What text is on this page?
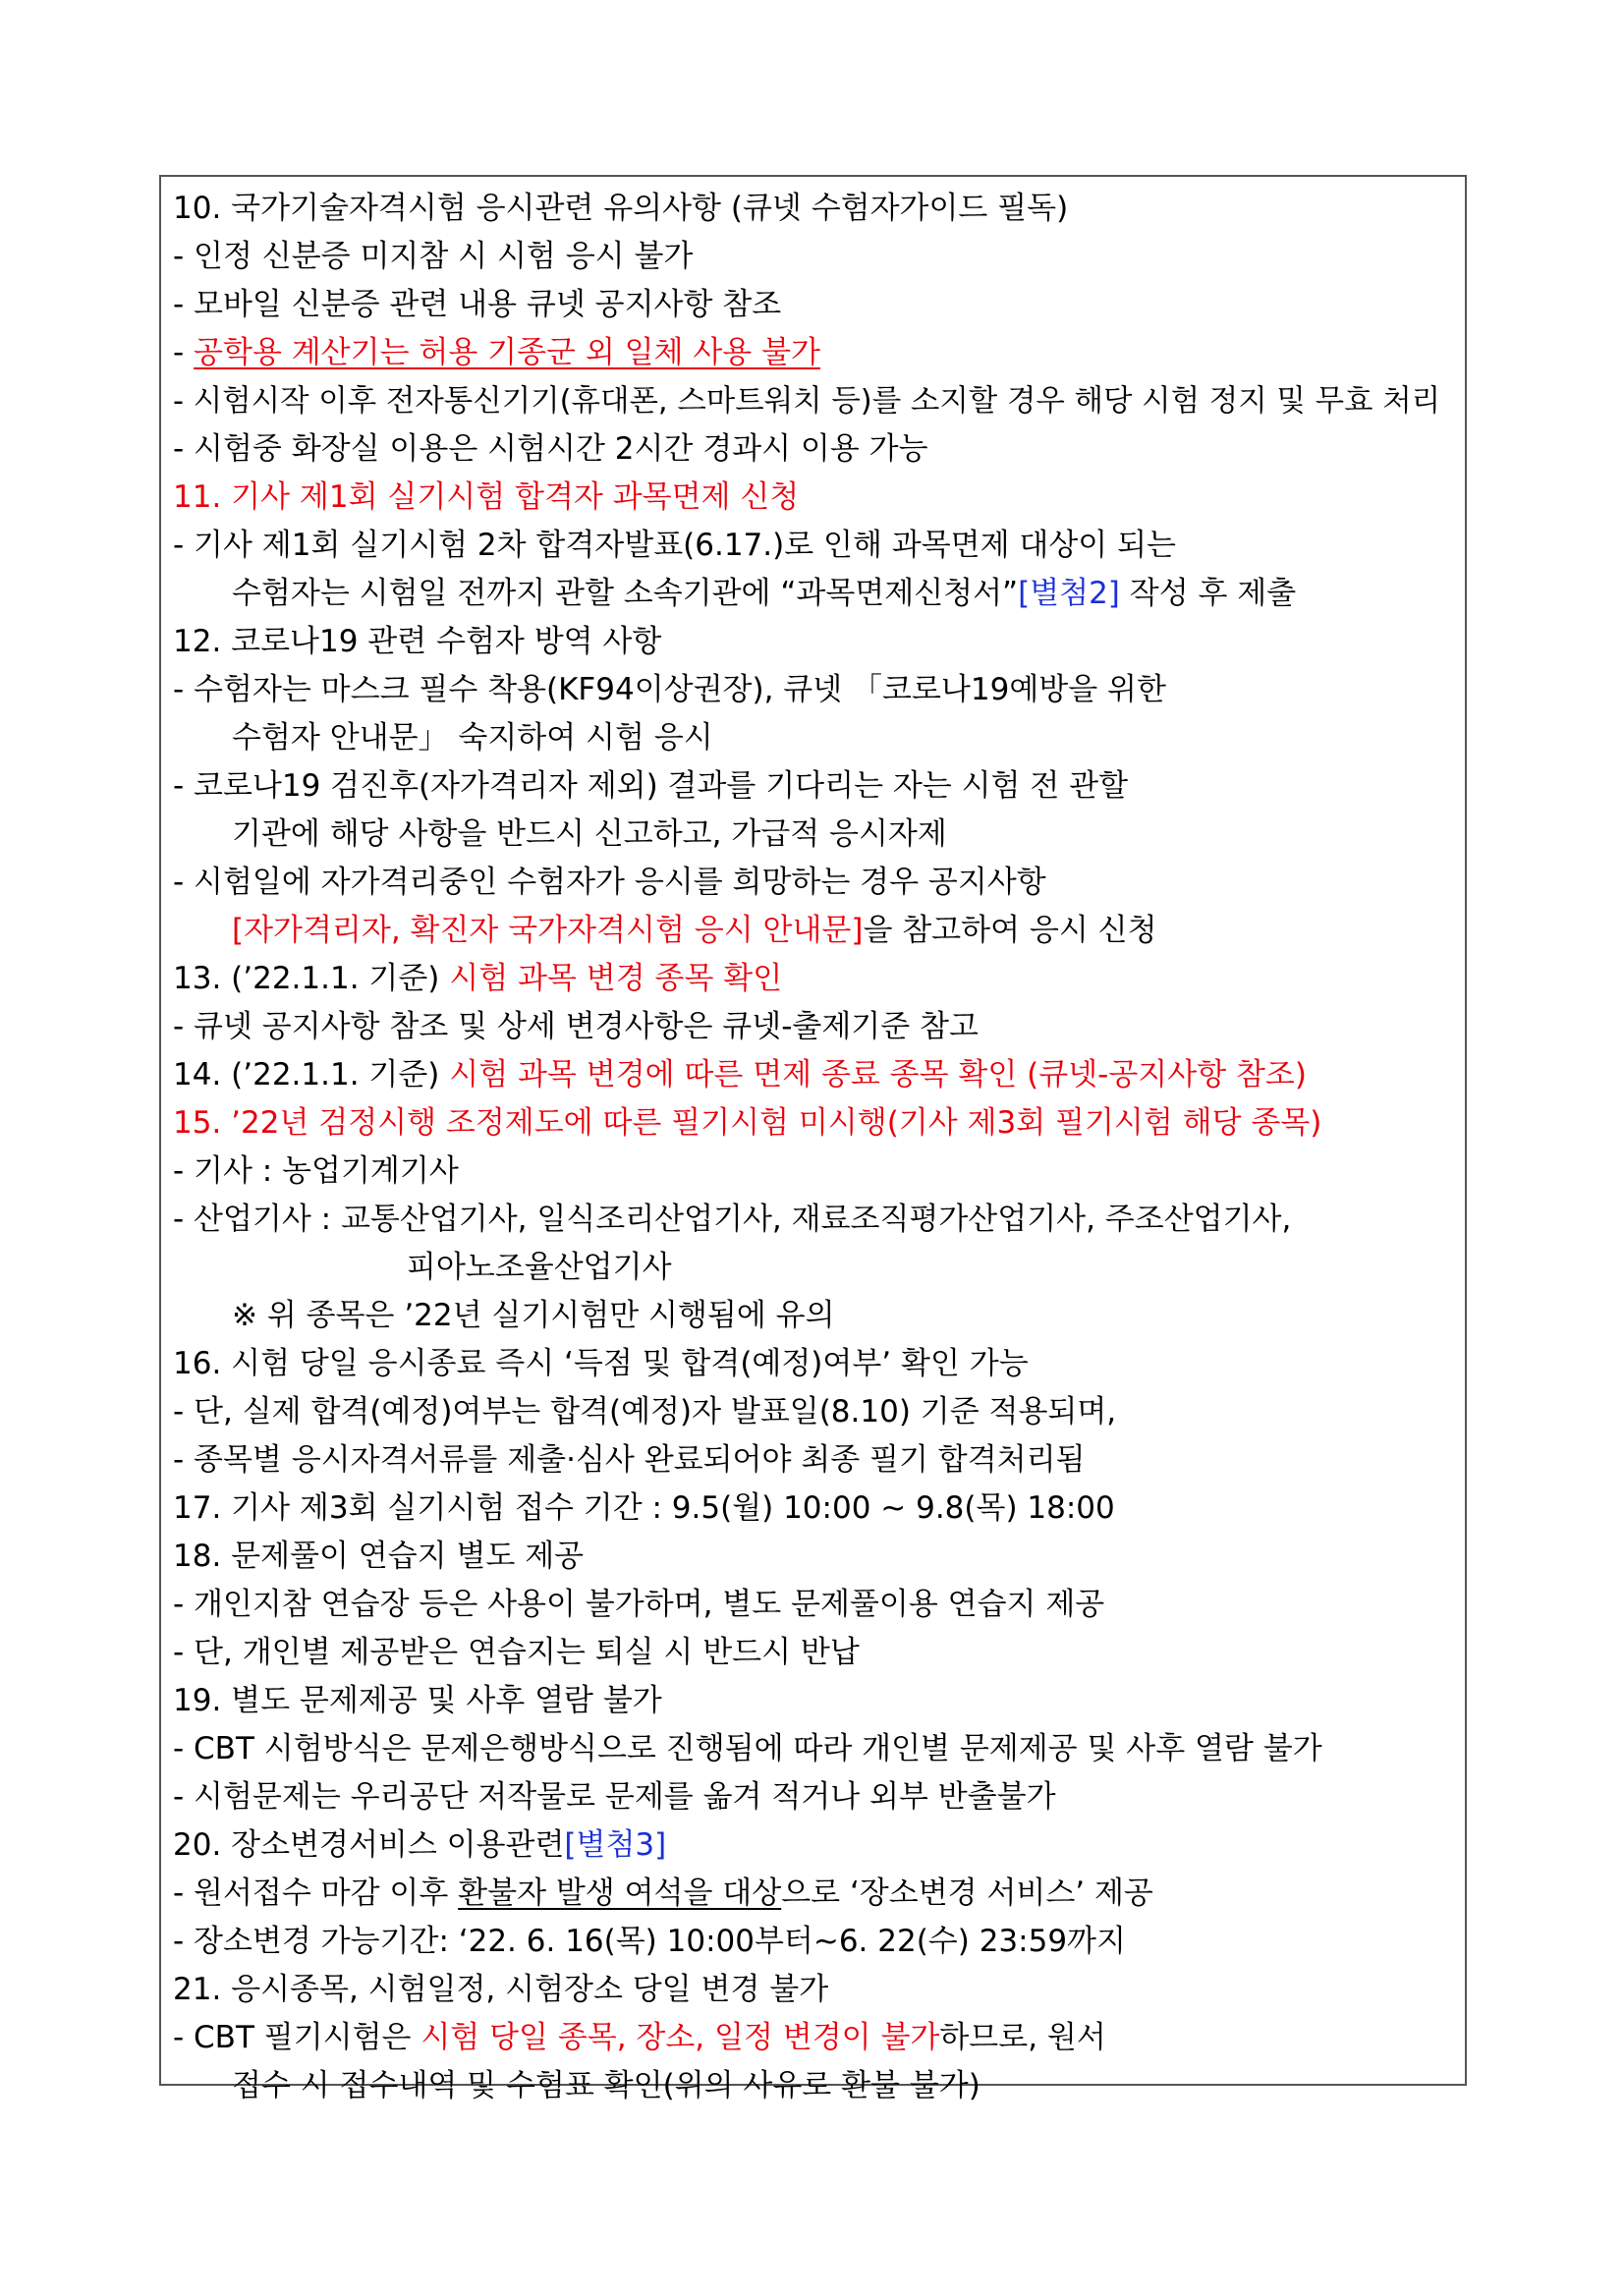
10. 국가기술자격시험 응시관련 유의사항 (큐넷 수험자가이드 필독)
- 인정 신분증 미지참 시 시험 응시 불가
- 모바일 신분증 관련 내용 큐넷 공지사항 참조
- 공학용 계산기는 허용 기종군 외 일체 사용 불가
- 시험시작 이후 전자통신기기(휴대폰, 스마트워치 등)를 소지할 경우 해당 시험 정지 및 무효 처리
- 시험중 화장실 이용은 시험시간 2시간 경과시 이용 가능
11. 기사 제1회 실기시험 합격자 과목면제 신청
- 기사 제1회 실기시험 2차 합격자발표(6.17.)로 인해 과목면제 대상이 되는
수험자는 시험일 전까지 관할 소속기관에 “과목면제신청서”[별첨2] 작성 후 제출
12. 코로나19 관련 수험자 방역 사항
- 수험자는 마스크 필수 착용(KF94이상권장), 큐넷 「코로나19예방을 위한
수험자 안내문」 숙지하여 시험 응시
- 코로나19 검진후(자가격리자 제외) 결과를 기다리는 자는 시험 전 관할
기관에 해당 사항을 반드시 신고하고, 가급적 응시자제
- 시험일에 자가격리중인 수험자가 응시를 희망하는 경우 공지사항
[자가격리자, 확진자 국가자격시험 응시 안내문]을 참고하여 응시 신청
13. (’22.1.1. 기준) 시험 과목 변경 종목 확인
- 큐넷 공지사항 참조 및 상세 변경사항은 큐넷-출제기준 참고
14. (’22.1.1. 기준) 시험 과목 변경에 따른 면제 종료 종목 확인 (큐넷-공지사항 참조)
15. ’22년 검정시행 조정제도에 따른 필기시험 미시행(기사 제3회 필기시험 해당 종목)
- 기사 : 농업기계기사
- 산업기사 : 교통산업기사, 일식조리산업기사, 재료조직평가산업기사, 주조산업기사,
피아노조율산업기사
※ 위 종목은 ’22년 실기시험만 시행됨에 유의
16. 시험 당일 응시종료 즉시 ‘득점 및 합격(예정)여부’ 확인 가능
- 단, 실제 합격(예정)여부는 합격(예정)자 발표일(8.10) 기준 적용되며,
- 종목별 응시자격서류를 제출·심사 완료되어야 최종 필기 합격처리됨
17. 기사 제3회 실기시험 접수 기간 : 9.5(월) 10:00 ~ 9.8(목) 18:00
18. 문제풀이 연습지 별도 제공
- 개인지참 연습장 등은 사용이 불가하며, 별도 문제풀이용 연습지 제공
- 단, 개인별 제공받은 연습지는 퇴실 시 반드시 반납
19. 별도 문제제공 및 사후 열람 불가
- CBT 시험방식은 문제은행방식으로 진행됨에 따라 개인별 문제제공 및 사후 열람 불가
- 시험문제는 우리공단 저작물로 문제를 옮겨 적거나 외부 반출불가
20. 장소변경서비스 이용관련[별첨3]
- 원서접수 마감 이후 환불자 발생 여석을 대상으로 ‘장소변경 서비스’ 제공
- 장소변경 가능기간: ‘22. 6. 16(목) 10:00부터~6. 22(수) 23:59까지
21. 응시종목, 시험일정, 시험장소 당일 변경 불가
- CBT 필기시험은 시험 당일 종목, 장소, 일정 변경이 불가하므로, 원서
접수 시 접수내역 및 수험표 확인(위의 사유로 환불 불가)
